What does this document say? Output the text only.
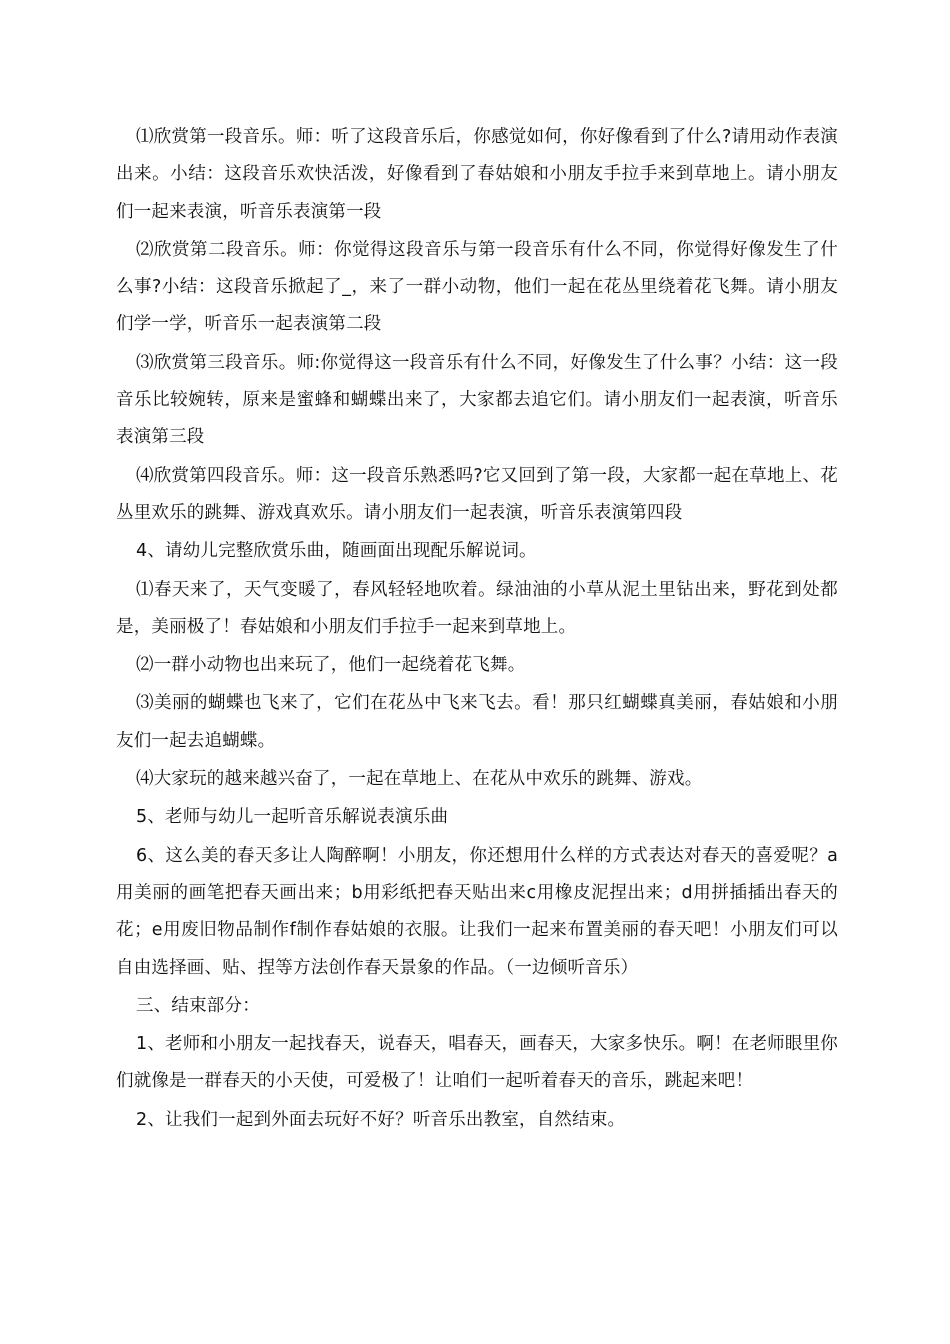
⑴欣赏第一段音乐。师：听了这段音乐后，你感觉如何，你好像看到了什么?请用动作表演出来。小结：这段音乐欢快活泼，好像看到了春姑娘和小朋友手拉手来到草地上。请小朋友们一起来表演，听音乐表演第一段

⑵欣赏第二段音乐。师：你觉得这段音乐与第一段音乐有什么不同，你觉得好像发生了什么事?小结：这段音乐掀起了_，来了一群小动物，他们一起在花丛里绕着花飞舞。请小朋友们学一学，听音乐一起表演第二段

⑶欣赏第三段音乐。师:你觉得这一段音乐有什么不同，好像发生了什么事？小结：这一段音乐比较婉转，原来是蜜蜂和蝴蝶出来了，大家都去追它们。请小朋友们一起表演，听音乐表演第三段

⑷欣赏第四段音乐。师：这一段音乐熟悉吗?它又回到了第一段，大家都一起在草地上、花丛里欢乐的跳舞、游戏真欢乐。请小朋友们一起表演，听音乐表演第四段

4、请幼儿完整欣赏乐曲，随画面出现配乐解说词。

⑴春天来了，天气变暖了，春风轻轻地吹着。绿油油的小草从泥土里钻出来，野花到处都是，美丽极了！春姑娘和小朋友们手拉手一起来到草地上。

⑵一群小动物也出来玩了，他们一起绕着花飞舞。

⑶美丽的蝴蝶也飞来了，它们在花丛中飞来飞去。看！那只红蝴蝶真美丽，春姑娘和小朋友们一起去追蝴蝶。

⑷大家玩的越来越兴奋了，一起在草地上、在花从中欢乐的跳舞、游戏。

5、老师与幼儿一起听音乐解说表演乐曲

6、这么美的春天多让人陶醉啊！小朋友，你还想用什么样的方式表达对春天的喜爱呢？a用美丽的画笔把春天画出来；b用彩纸把春天贴出来c用橡皮泥捏出来；d用拼插插出春天的花；e用废旧物品制作f制作春姑娘的衣服。让我们一起来布置美丽的春天吧！小朋友们可以自由选择画、贴、捏等方法创作春天景象的作品。（一边倾听音乐）

三、结束部分：

1、老师和小朋友一起找春天，说春天，唱春天，画春天，大家多快乐。啊！在老师眼里你们就像是一群春天的小天使，可爱极了！让咱们一起听着春天的音乐，跳起来吧！

2、让我们一起到外面去玩好不好？听音乐出教室，自然结束。
